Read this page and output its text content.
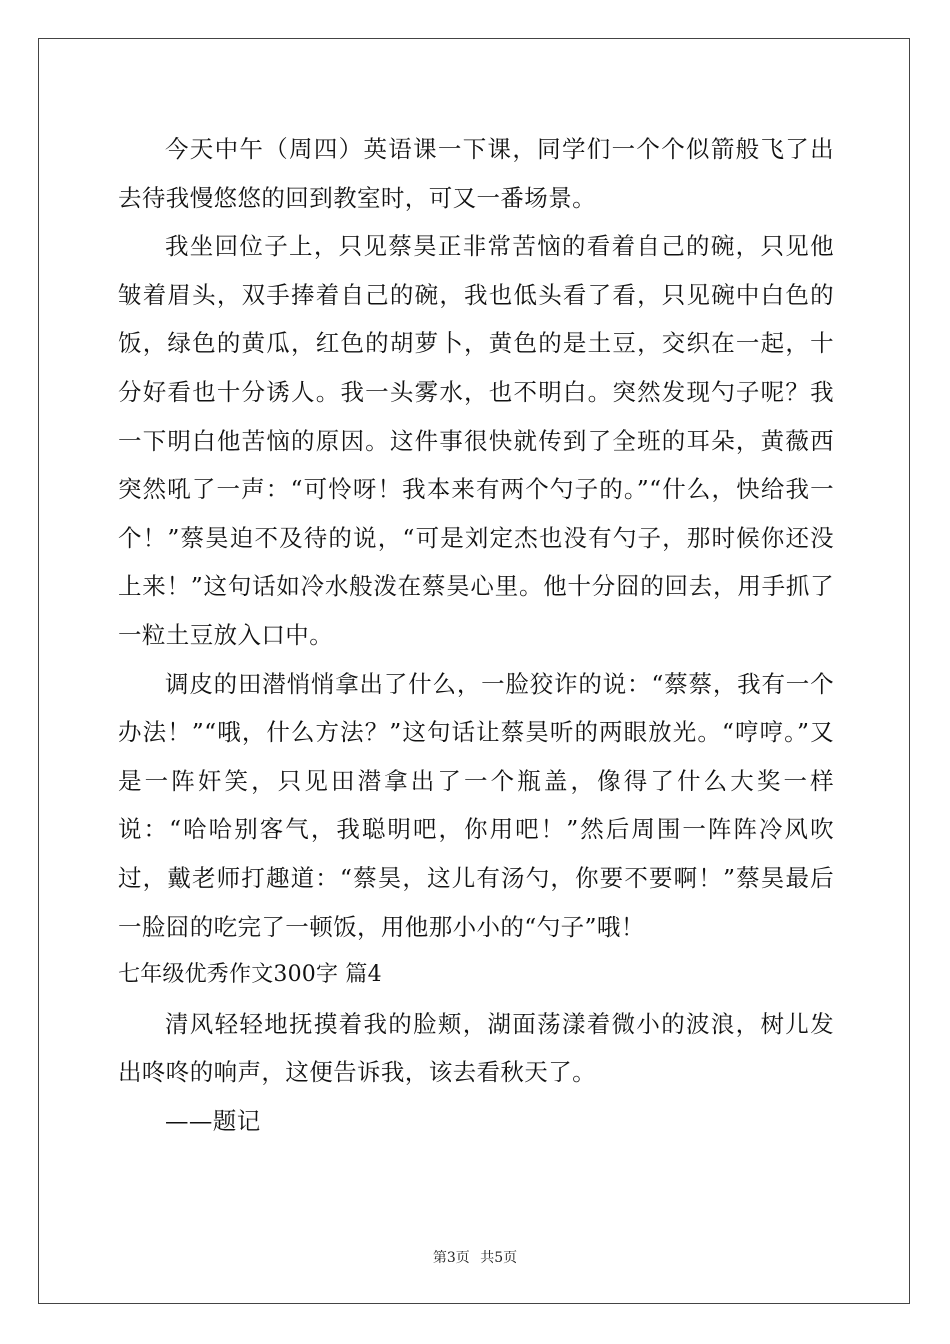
今天中午（周四）英语课一下课，同学们一个个似箭般飞了出去待我慢悠悠的回到教室时，可又一番场景。

我坐回位子上，只见蔡昊正非常苦恼的看着自己的碗，只见他皱着眉头，双手捧着自己的碗，我也低头看了看，只见碗中白色的饭，绿色的黄瓜，红色的胡萝卜，黄色的是土豆，交织在一起，十分好看也十分诱人。我一头雾水，也不明白。突然发现勺子呢？我一下明白他苦恼的原因。这件事很快就传到了全班的耳朵，黄薇西突然吼了一声：“可怜呀！我本来有两个勺子的。”“什么，快给我一个！”蔡昊迫不及待的说，“可是刘定杰也没有勺子，那时候你还没上来！”这句话如冷水般泼在蔡昊心里。他十分囧的回去，用手抓了一粒土豆放入口中。

调皮的田潜悄悄拿出了什么，一脸狡诈的说：“蔡蔡，我有一个办法！”“哦，什么方法？”这句话让蔡昊听的两眼放光。“哼哼。”又是一阵奸笑，只见田潜拿出了一个瓶盖，像得了什么大奖一样说：“哈哈别客气，我聪明吧，你用吧！”然后周围一阵阵冷风吹过，戴老师打趣道：“蔡昊，这儿有汤勺，你要不要啊！”蔡昊最后一脸囧的吃完了一顿饭，用他那小小的“勺子”哦！

七年级优秀作文300字 篇4

清风轻轻地抚摸着我的脸颊，湖面荡漾着微小的波浪，树儿发出咚咚的响声，这便告诉我，该去看秋天了。

——题记

第3页 共5页
